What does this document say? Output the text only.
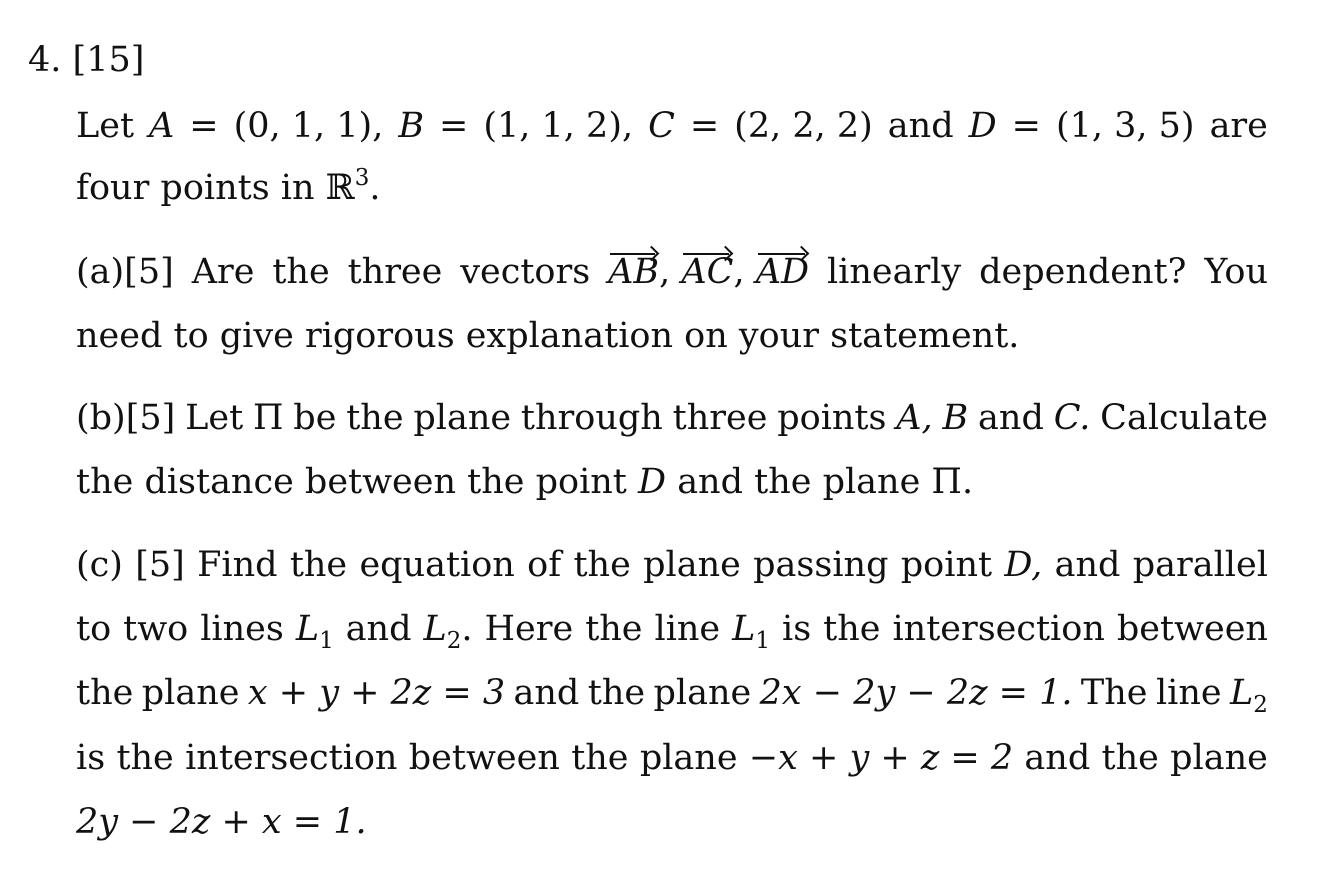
4. [15]
Let A = (0, 1, 1), B = (1, 1, 2), C = (2, 2, 2) and D = (1, 3, 5) are
four points in ℝ$^3$.
(a)[5] Are the three vectors AB, AC, AD linearly dependent? You
need to give rigorous explanation on your statement.
(b)[5] Let Π be the plane through three points A, B and C. Calculate
the distance between the point D and the plane Π.
(c) [5] Find the equation of the plane passing point D, and parallel
to two lines $L_1$ and $L_2$. Here the line $L_1$ is the intersection between
the plane x + y + 2z = 3 and the plane 2x − 2y − 2z = 1. The line $L_2$
is the intersection between the plane −x + y + z = 2 and the plane
2y − 2z + x = 1.
